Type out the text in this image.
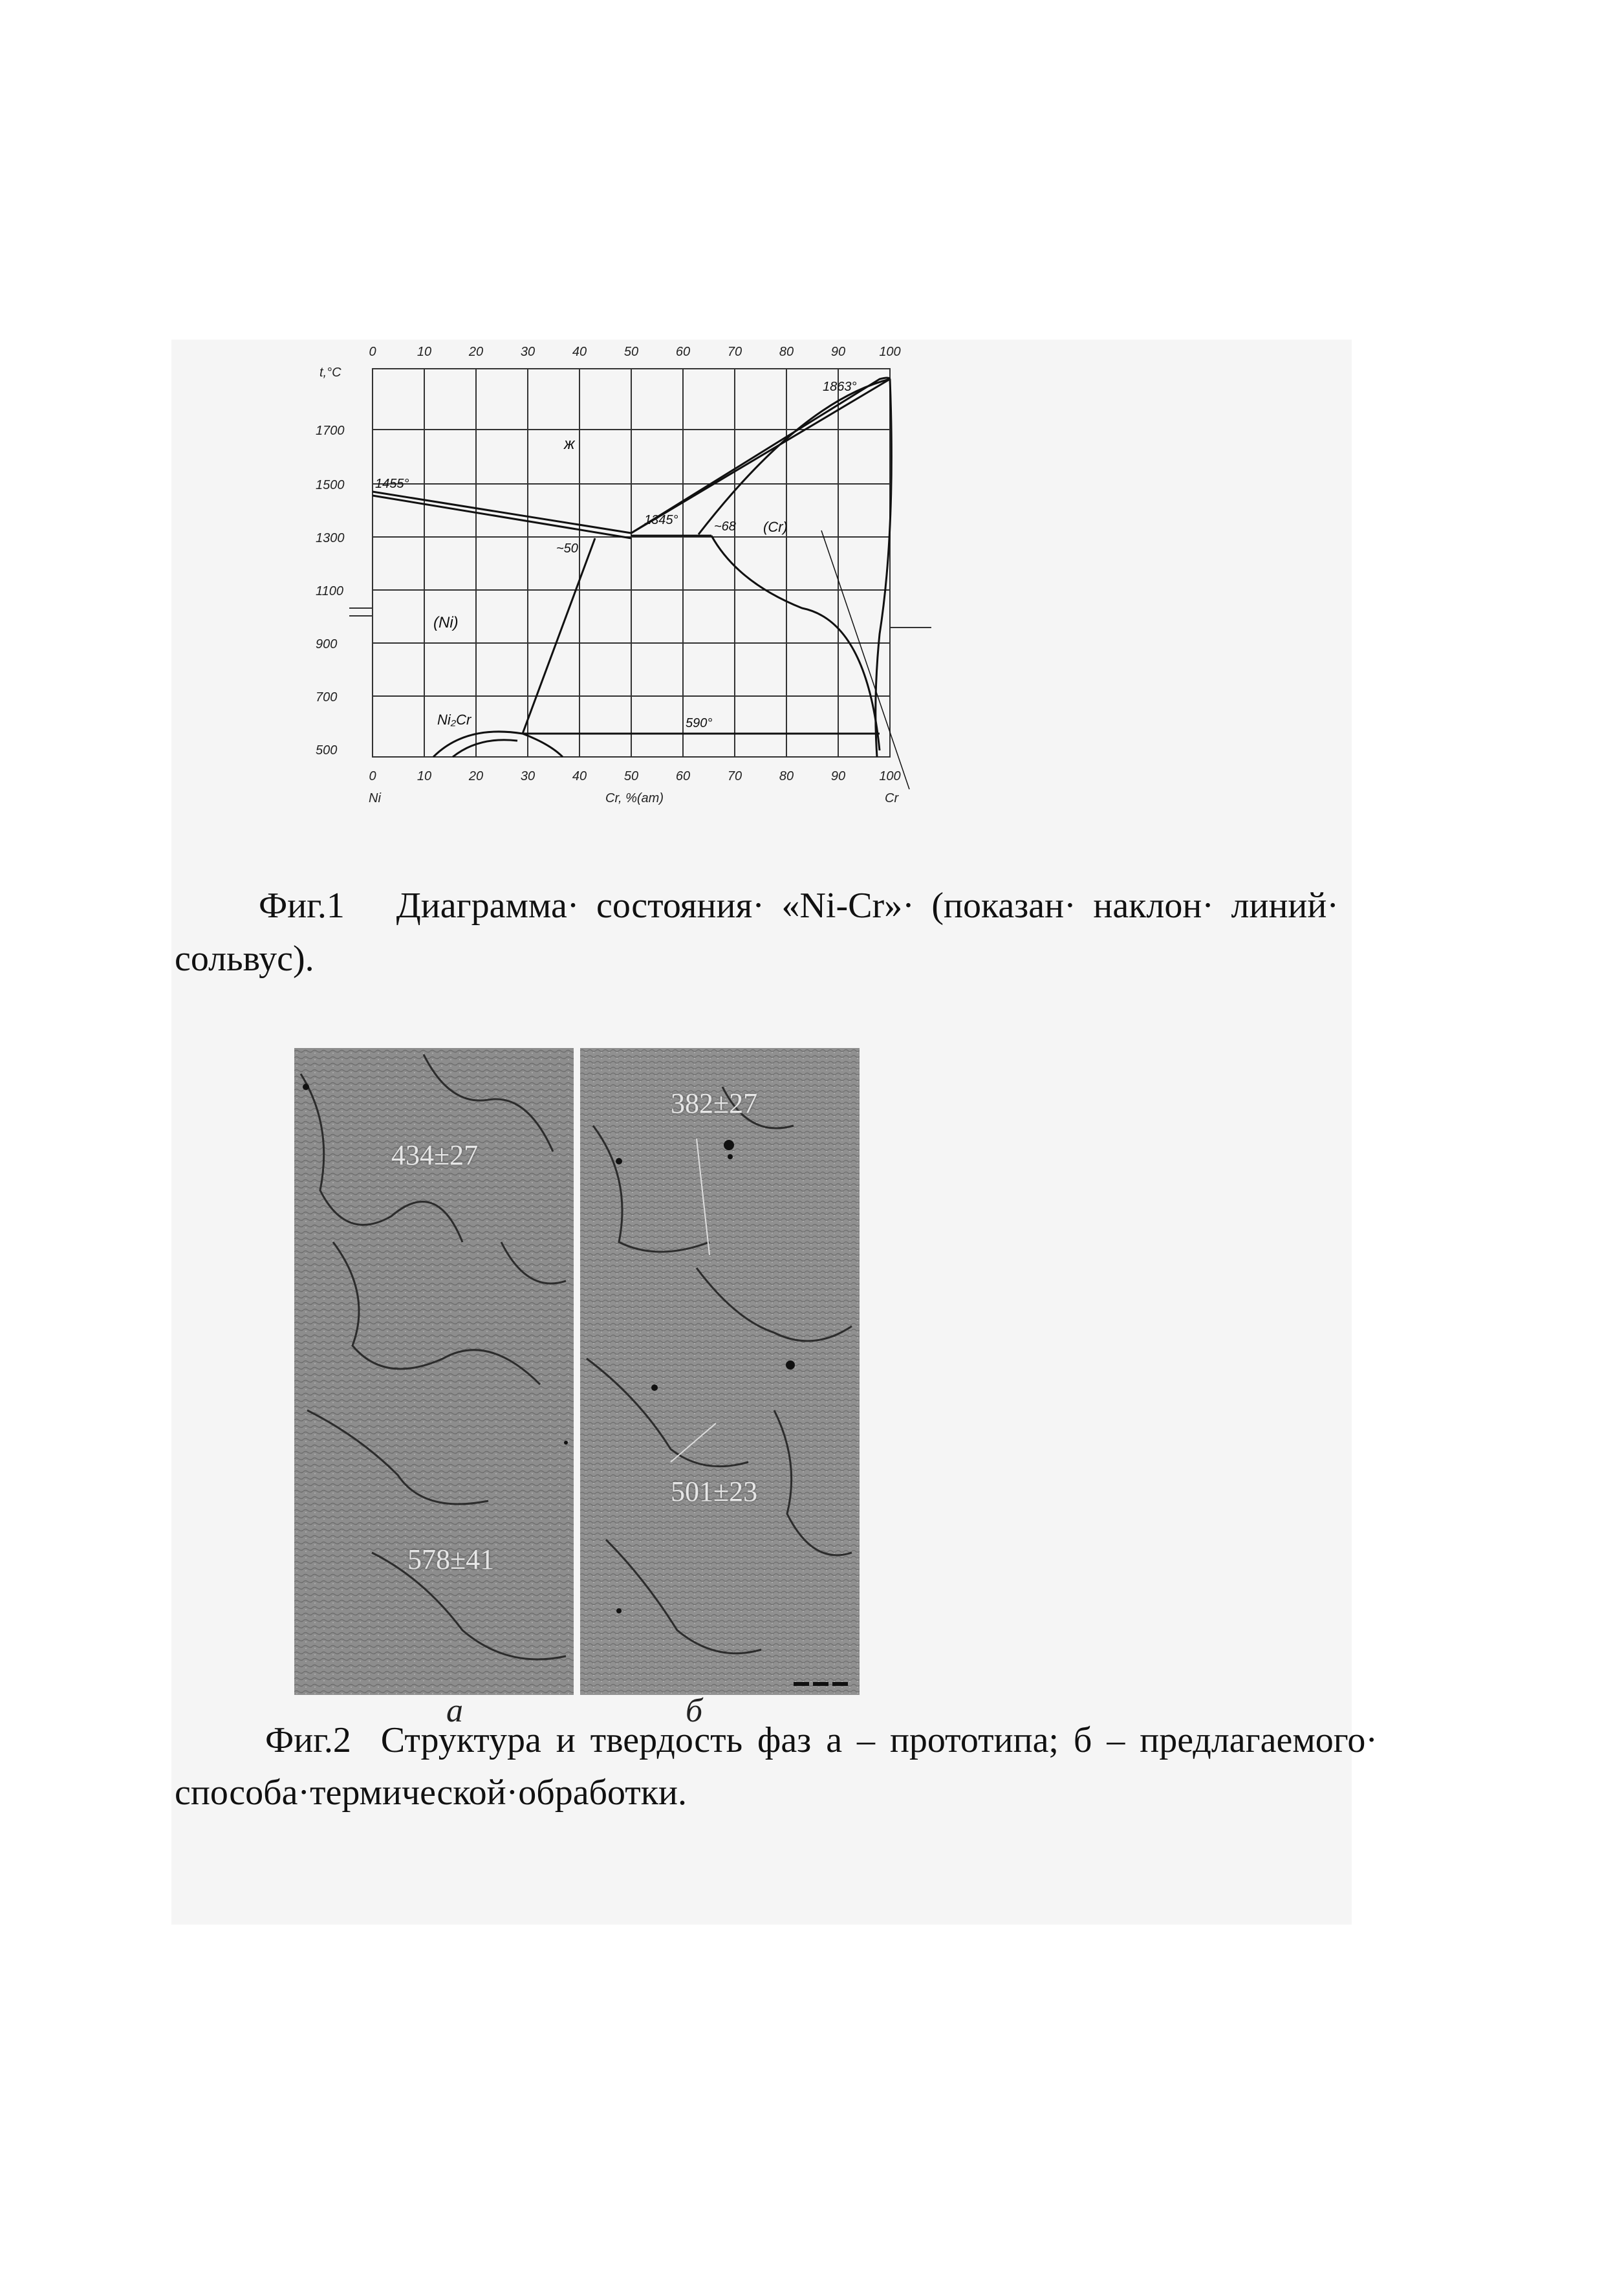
0	10	20	30	40	50	60	70	80	90	100
t,°C
1700
1500
1300
1100
900
700
500
0	10	20	30	40	50	60	70	80	90	100
Ni	Cr, %(am)	Cr
ж
(Ni)
(Cr)
Ni₂Cr
1455°
1863°
1345°
~50
~68
590°
Фиг.1 Диаграмма· состояния· «Ni-Cr»· (показан· наклон· линий·
сольвус).
434±27
578±41
382±27
501±23
а	б
Фиг.2 Структура и твердость фаз а – прототипа; б – предлагаемого·
способа·термической·обработки.
